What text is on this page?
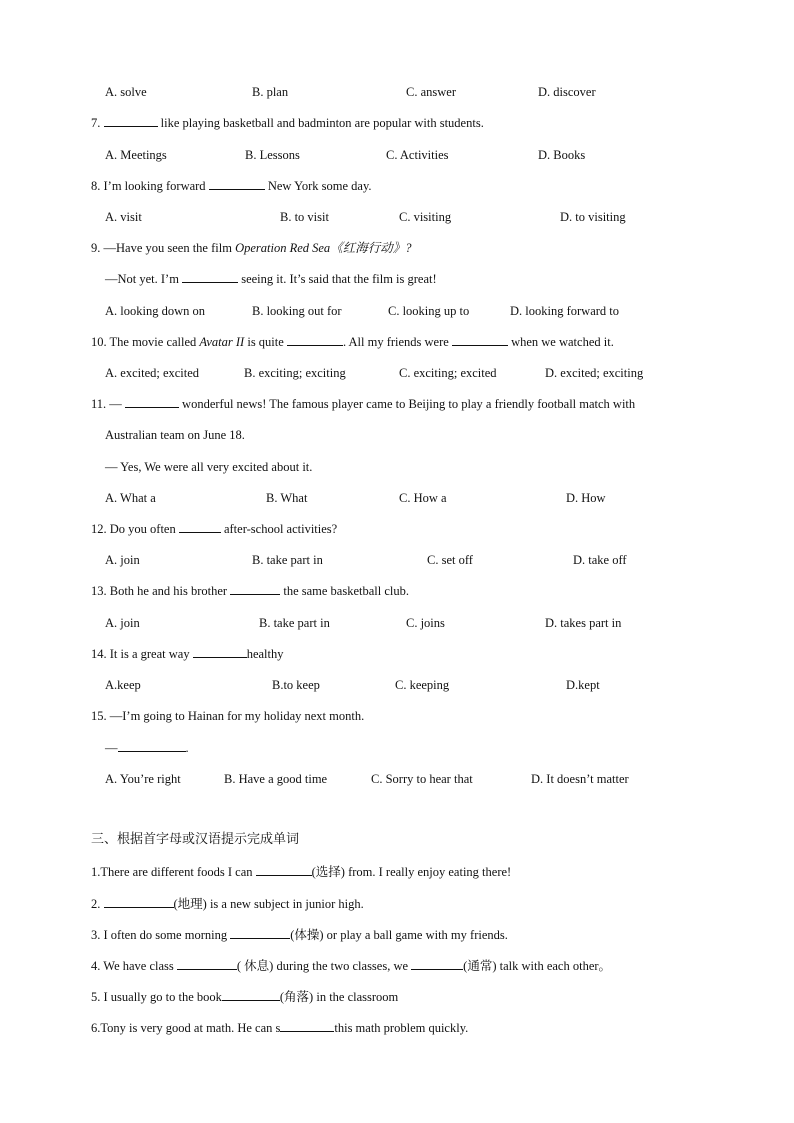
A. solve	B. plan	C. answer	D. discover
7.	like playing basketball and badminton are popular with students.
A. Meetings	B. Lessons	C. Activities	D. Books
8. I’m looking forward	New York some day.
A. visit	B. to visit	C. visiting	D. to visiting
9. —Have you seen the film Operation Red Sea《红海行动》?
—Not yet. I’m	seeing it. It’s said that the film is great!
A. looking down on	B. looking out for	C. looking up to	D. looking forward to
10. The movie called Avatar II is quite	. All my friends were	when we watched it.
A. excited; excited	B. exciting; exciting	C. exciting; excited	D. excited; exciting
11. —	wonderful news! The famous player came to Beijing to play a friendly football match with
Australian team on June 18.
— Yes, We were all very excited about it.
A. What a	B. What	C. How a	D. How
12. Do you often	after-school activities?
A. join	B. take part in	C. set off	D. take off
13. Both he and his brother	the same basketball club.
A. join	B. take part in	C. joins	D. takes part in
14. It is a great way	healthy
A.keep	B.to keep	C. keeping	D.kept
15. —I’m going to Hainan for my holiday next month.
—	.
A. You’re right	B. Have a good time	C. Sorry to hear that	D. It doesn’t matter
三、根据首字母或汉语提示完成单词
1.There are different foods I can	(选择) from. I really enjoy eating there!
2.	(地理) is a new subject in junior high.
3. I often do some morning	(体操) or play a ball game with my friends.
4. We have class	( 休息) during the two classes, we	(通常) talk with each other。
5. I usually go to the book	(角落) in the classroom
6.Tony is very good at math. He can s	this math problem quickly.
